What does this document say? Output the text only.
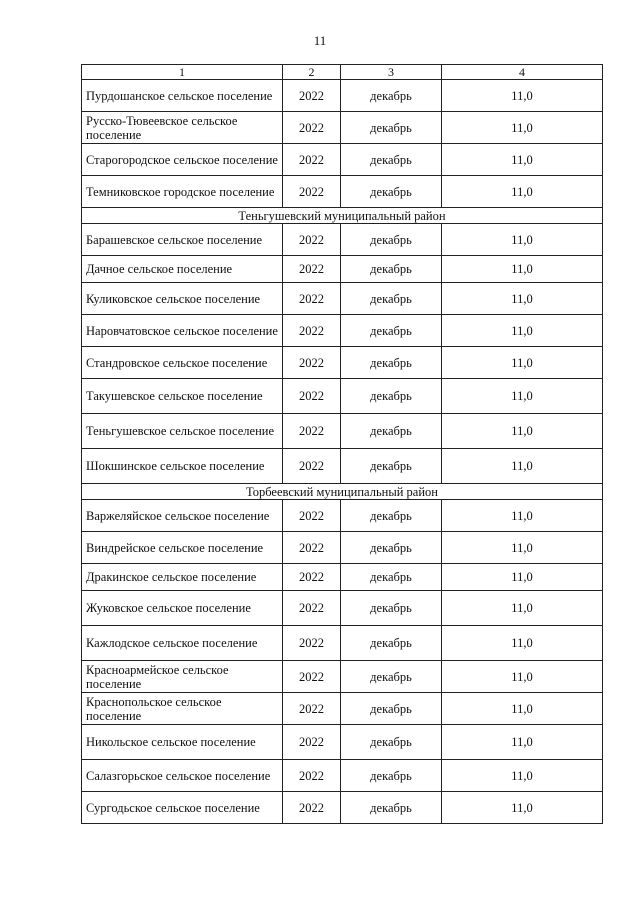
11
1	2	3	4
Пурдошанское сельское поселение	2022	декабрь	11,0
Русско-Тювеевское сельское поселение	2022	декабрь	11,0
Старогородское сельское поселение	2022	декабрь	11,0
Темниковское городское поселение	2022	декабрь	11,0
Теньгушевский муниципальный район			
Барашевское сельское поселение	2022	декабрь	11,0
Дачное сельское поселение	2022	декабрь	11,0
Куликовское сельское поселение	2022	декабрь	11,0
Наровчатовское сельское поселение	2022	декабрь	11,0
Стандровское сельское поселение	2022	декабрь	11,0
Такушевское сельское поселение	2022	декабрь	11,0
Теньгушевское сельское поселение	2022	декабрь	11,0
Шокшинское сельское поселение	2022	декабрь	11,0
Торбеевский муниципальный район			
Варжеляйское сельское поселение	2022	декабрь	11,0
Виндрейское сельское поселение	2022	декабрь	11,0
Дракинское сельское поселение	2022	декабрь	11,0
Жуковское сельское поселение	2022	декабрь	11,0
Кажлодское сельское поселение	2022	декабрь	11,0
Красноармейское сельское поселение	2022	декабрь	11,0
Краснопольское сельское поселение	2022	декабрь	11,0
Никольское сельское поселение	2022	декабрь	11,0
Салазгорьское сельское поселение	2022	декабрь	11,0
Сургодьское сельское поселение	2022	декабрь	11,0
